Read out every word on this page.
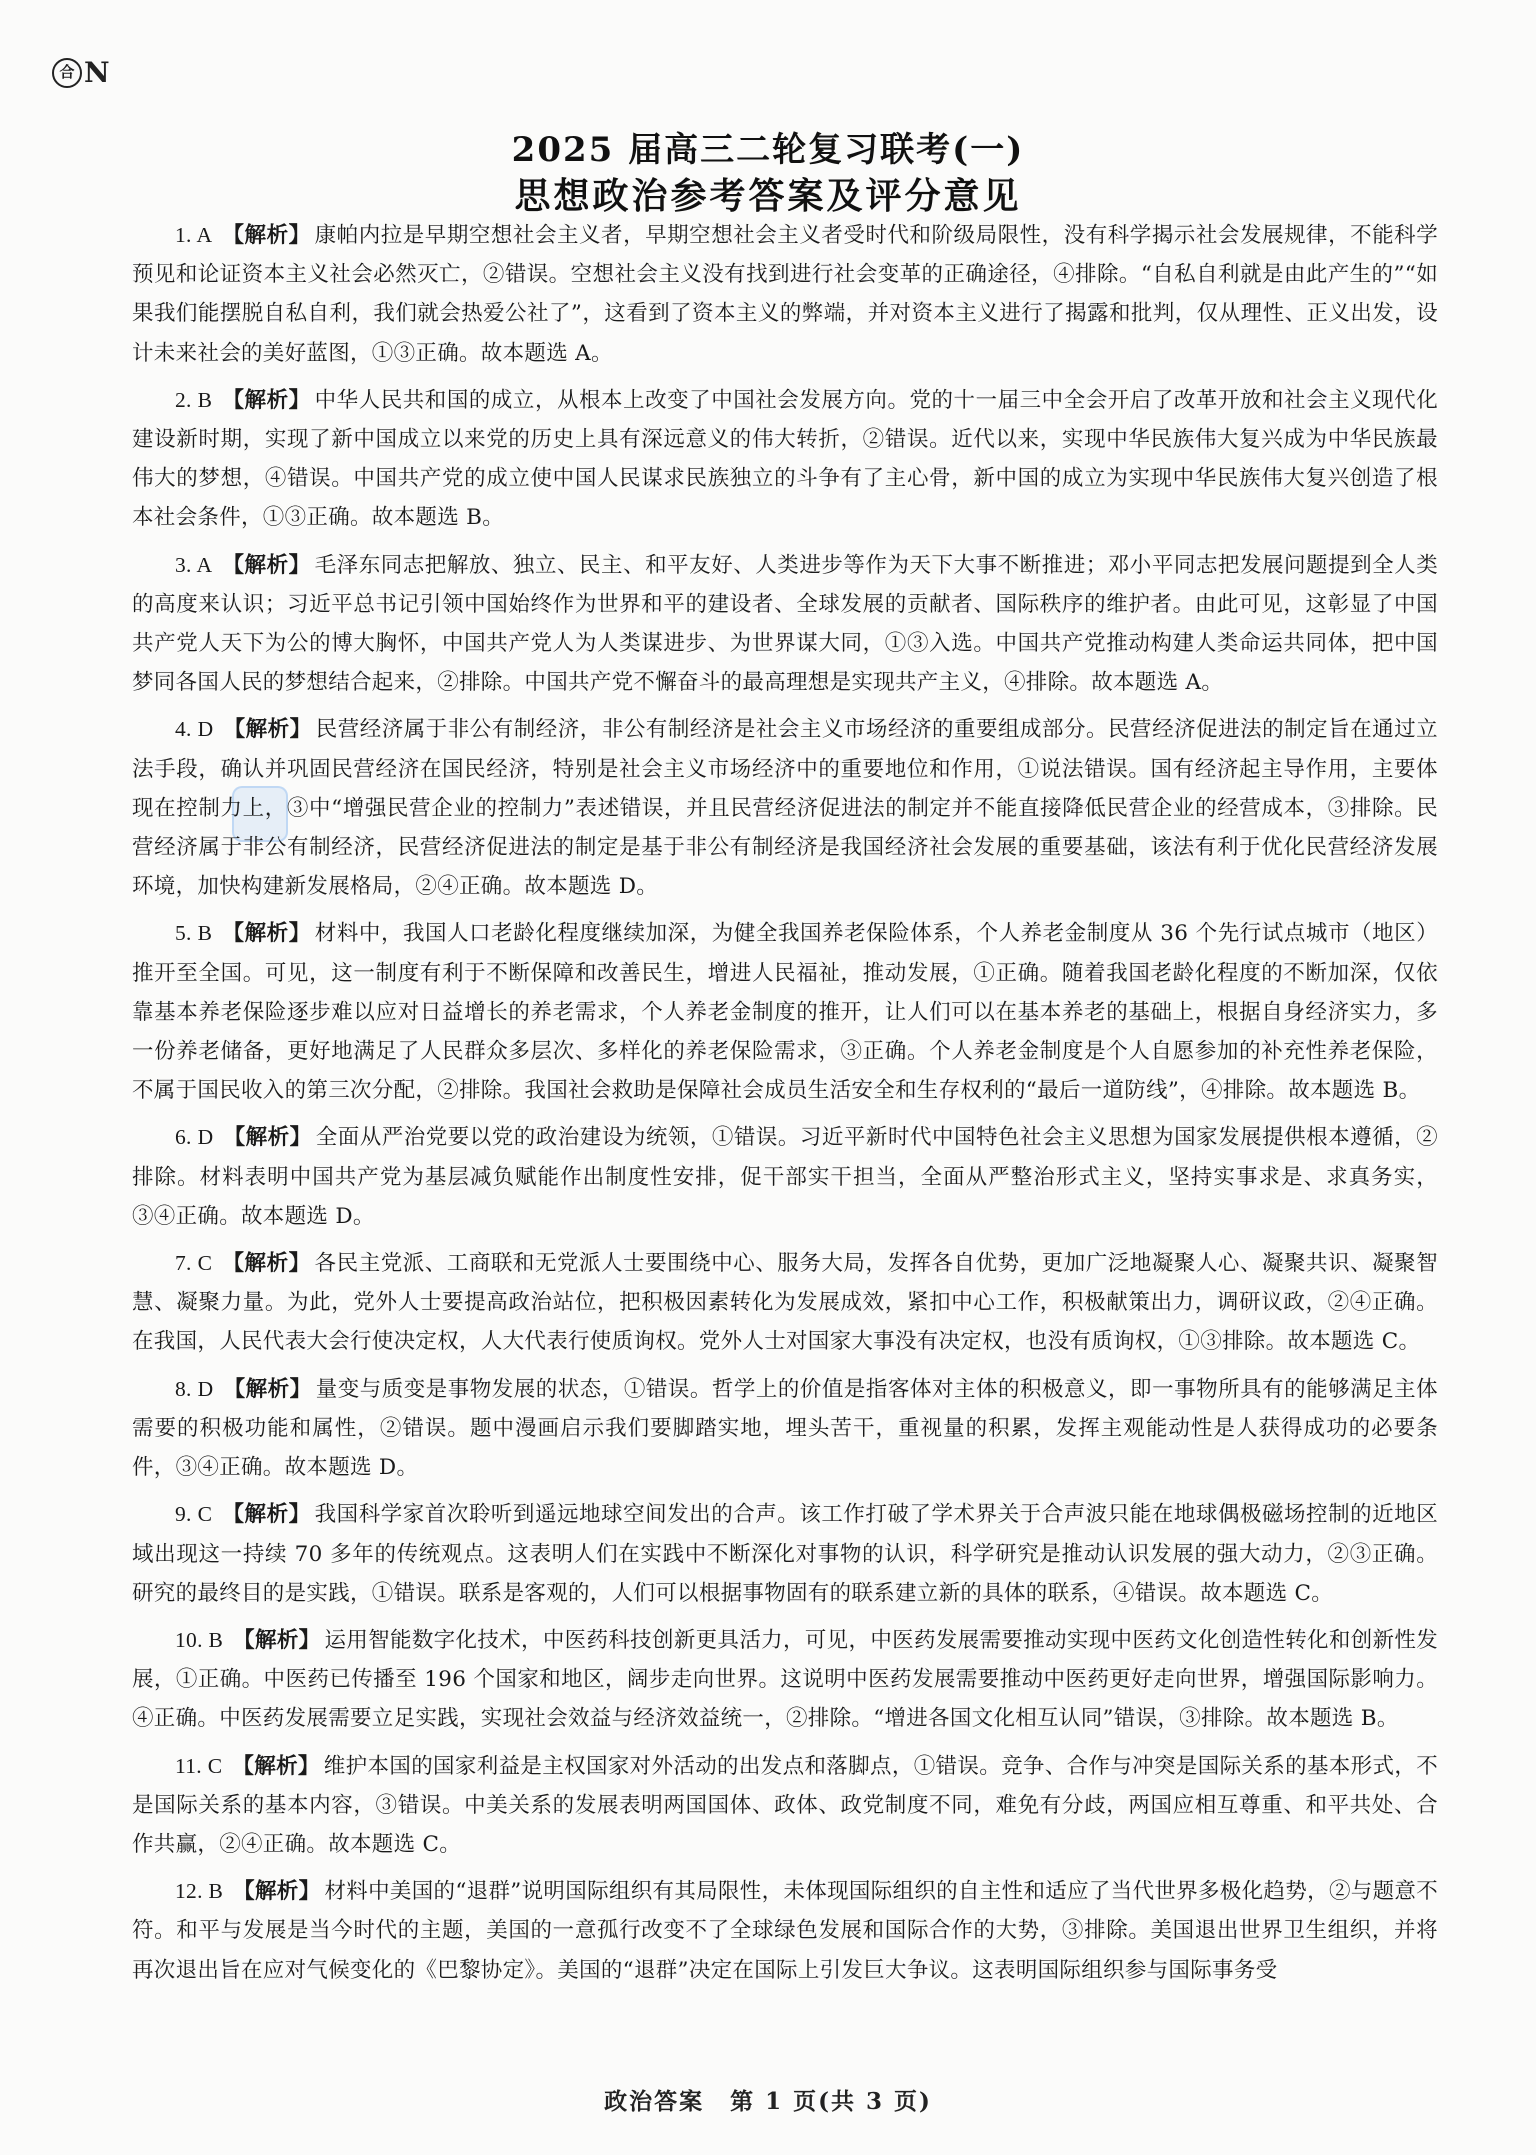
合 N
2025 届高三二轮复习联考(一)
思想政治参考答案及评分意见

1. A 【解析】 康帕内拉是早期空想社会主义者，早期空想社会主义者受时代和阶级局限性，没有科学揭示社会发展规律，不能科学预见和论证资本主义社会必然灭亡，②错误。空想社会主义没有找到进行社会变革的正确途径，④排除。“自私自利就是由此产生的”“如果我们能摆脱自私自利，我们就会热爱公社了”，这看到了资本主义的弊端，并对资本主义进行了揭露和批判，仅从理性、正义出发，设计未来社会的美好蓝图，①③正确。故本题选 A。

2. B 【解析】 中华人民共和国的成立，从根本上改变了中国社会发展方向。党的十一届三中全会开启了改革开放和社会主义现代化建设新时期，实现了新中国成立以来党的历史上具有深远意义的伟大转折，②错误。近代以来，实现中华民族伟大复兴成为中华民族最伟大的梦想，④错误。中国共产党的成立使中国人民谋求民族独立的斗争有了主心骨，新中国的成立为实现中华民族伟大复兴创造了根本社会条件，①③正确。故本题选 B。

3. A 【解析】 毛泽东同志把解放、独立、民主、和平友好、人类进步等作为天下大事不断推进；邓小平同志把发展问题提到全人类的高度来认识；习近平总书记引领中国始终作为世界和平的建设者、全球发展的贡献者、国际秩序的维护者。由此可见，这彰显了中国共产党人天下为公的博大胸怀，中国共产党人为人类谋进步、为世界谋大同，①③入选。中国共产党推动构建人类命运共同体，把中国梦同各国人民的梦想结合起来，②排除。中国共产党不懈奋斗的最高理想是实现共产主义，④排除。故本题选 A。

4. D 【解析】 民营经济属于非公有制经济，非公有制经济是社会主义市场经济的重要组成部分。民营经济促进法的制定旨在通过立法手段，确认并巩固民营经济在国民经济，特别是社会主义市场经济中的重要地位和作用，①说法错误。国有经济起主导作用，主要体现在控制力上，③中“增强民营企业的控制力”表述错误，并且民营经济促进法的制定并不能直接降低民营企业的经营成本，③排除。民营经济属于非公有制经济，民营经济促进法的制定是基于非公有制经济是我国经济社会发展的重要基础，该法有利于优化民营经济发展环境，加快构建新发展格局，②④正确。故本题选 D。

5. B 【解析】 材料中，我国人口老龄化程度继续加深，为健全我国养老保险体系，个人养老金制度从 36 个先行试点城市（地区）推开至全国。可见，这一制度有利于不断保障和改善民生，增进人民福祉，推动发展，①正确。随着我国老龄化程度的不断加深，仅依靠基本养老保险逐步难以应对日益增长的养老需求，个人养老金制度的推开，让人们可以在基本养老的基础上，根据自身经济实力，多一份养老储备，更好地满足了人民群众多层次、多样化的养老保险需求，③正确。个人养老金制度是个人自愿参加的补充性养老保险，不属于国民收入的第三次分配，②排除。我国社会救助是保障社会成员生活安全和生存权利的“最后一道防线”，④排除。故本题选 B。

6. D 【解析】 全面从严治党要以党的政治建设为统领，①错误。习近平新时代中国特色社会主义思想为国家发展提供根本遵循，②排除。材料表明中国共产党为基层减负赋能作出制度性安排，促干部实干担当，全面从严整治形式主义，坚持实事求是、求真务实，③④正确。故本题选 D。

7. C 【解析】 各民主党派、工商联和无党派人士要围绕中心、服务大局，发挥各自优势，更加广泛地凝聚人心、凝聚共识、凝聚智慧、凝聚力量。为此，党外人士要提高政治站位，把积极因素转化为发展成效，紧扣中心工作，积极献策出力，调研议政，②④正确。在我国，人民代表大会行使决定权，人大代表行使质询权。党外人士对国家大事没有决定权，也没有质询权，①③排除。故本题选 C。

8. D 【解析】 量变与质变是事物发展的状态，①错误。哲学上的价值是指客体对主体的积极意义，即一事物所具有的能够满足主体需要的积极功能和属性，②错误。题中漫画启示我们要脚踏实地，埋头苦干，重视量的积累，发挥主观能动性是人获得成功的必要条件，③④正确。故本题选 D。

9. C 【解析】 我国科学家首次聆听到遥远地球空间发出的合声。该工作打破了学术界关于合声波只能在地球偶极磁场控制的近地区域出现这一持续 70 多年的传统观点。这表明人们在实践中不断深化对事物的认识，科学研究是推动认识发展的强大动力，②③正确。研究的最终目的是实践，①错误。联系是客观的，人们可以根据事物固有的联系建立新的具体的联系，④错误。故本题选 C。

10. B 【解析】 运用智能数字化技术，中医药科技创新更具活力，可见，中医药发展需要推动实现中医药文化创造性转化和创新性发展，①正确。中医药已传播至 196 个国家和地区，阔步走向世界。这说明中医药发展需要推动中医药更好走向世界，增强国际影响力。④正确。中医药发展需要立足实践，实现社会效益与经济效益统一，②排除。“增进各国文化相互认同”错误，③排除。故本题选 B。

11. C 【解析】 维护本国的国家利益是主权国家对外活动的出发点和落脚点，①错误。竞争、合作与冲突是国际关系的基本形式，不是国际关系的基本内容，③错误。中美关系的发展表明两国国体、政体、政党制度不同，难免有分歧，两国应相互尊重、和平共处、合作共赢，②④正确。故本题选 C。

12. B 【解析】 材料中美国的“退群”说明国际组织有其局限性，未体现国际组织的自主性和适应了当代世界多极化趋势，②与题意不符。和平与发展是当今时代的主题，美国的一意孤行改变不了全球绿色发展和国际合作的大势，③排除。美国退出世界卫生组织，并将再次退出旨在应对气候变化的《巴黎协定》。美国的“退群”决定在国际上引发巨大争议。这表明国际组织参与国际事务受

政治答案 第 1 页(共 3 页)
